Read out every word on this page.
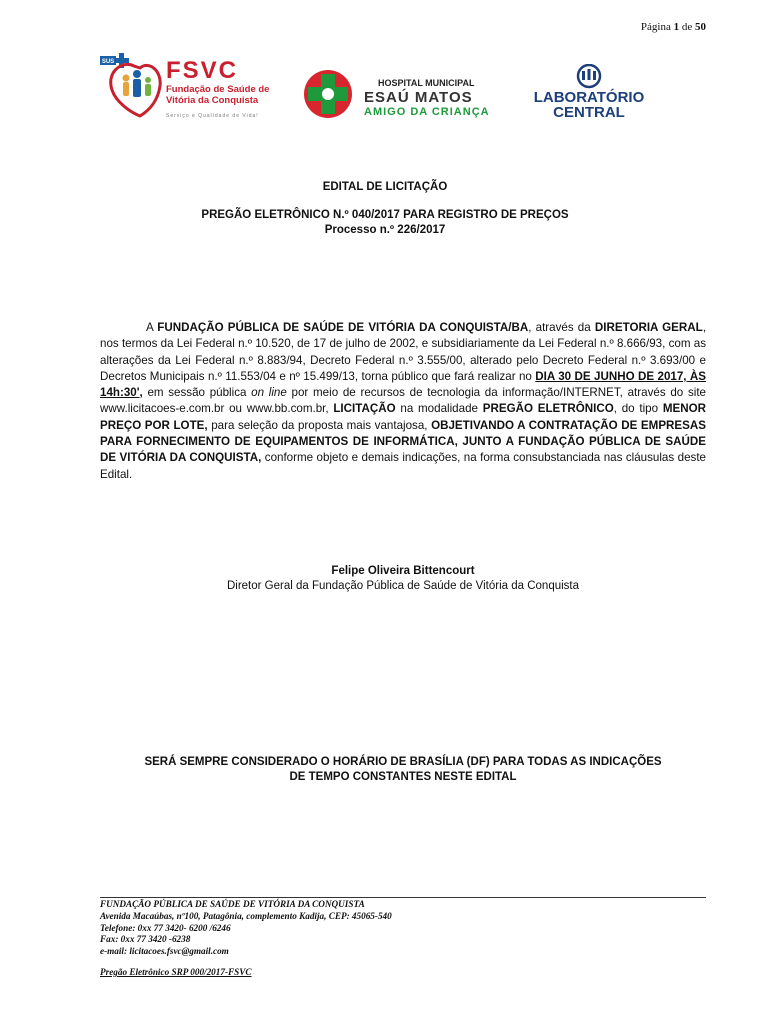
Página 1 de 50
SUS FSVC
Fundação de Saúde de
Vitória da Conquista
Serviço e Qualidade de Vida!
HOSPITAL MUNICIPAL
ESAÚ MATOS
AMIGO DA CRIANÇA
LABORATÓRIO
CENTRAL
EDITAL DE LICITAÇÃO
PREGÃO ELETRÔNICO N.º 040/2017 PARA REGISTRO DE PREÇOS
Processo n.º 226/2017
A FUNDAÇÃO PÚBLICA DE SAÚDE DE VITÓRIA DA CONQUISTA/BA, através da DIRETORIA GERAL, nos termos da Lei Federal n.º 10.520, de 17 de julho de 2002, e subsidiariamente da Lei Federal n.º 8.666/93, com as alterações da Lei Federal n.º 8.883/94, Decreto Federal n.º 3.555/00, alterado pelo Decreto Federal n.º 3.693/00 e Decretos Municipais n.º 11.553/04 e nº 15.499/13, torna público que fará realizar no DIA 30 DE JUNHO DE 2017, ÀS 14h:30', em sessão pública on line por meio de recursos de tecnologia da informação/INTERNET, através do site www.licitacoes-e.com.br ou www.bb.com.br, LICITAÇÃO na modalidade PREGÃO ELETRÔNICO, do tipo MENOR PREÇO POR LOTE, para seleção da proposta mais vantajosa, OBJETIVANDO A CONTRATAÇÃO DE EMPRESAS PARA FORNECIMENTO DE EQUIPAMENTOS DE INFORMÁTICA, JUNTO A FUNDAÇÃO PÚBLICA DE SAÚDE DE VITÓRIA DA CONQUISTA, conforme objeto e demais indicações, na forma consubstanciada nas cláusulas deste Edital.
Felipe Oliveira Bittencourt
Diretor Geral da Fundação Pública de Saúde de Vitória da Conquista
SERÁ SEMPRE CONSIDERADO O HORÁRIO DE BRASÍLIA (DF) PARA TODAS AS INDICAÇÕES
DE TEMPO CONSTANTES NESTE EDITAL
FUNDAÇÃO PÚBLICA DE SAÚDE DE VITÓRIA DA CONQUISTA
Avenida Macaúbas, nº100, Patagônia, complemento Kadija, CEP: 45065-540
Telefone: 0xx 77 3420- 6200 /6246
Fax: 0xx 77 3420 -6238
e-mail: licitacoes.fsvc@gmail.com
Pregão Eletrônico SRP 000/2017-FSVC
